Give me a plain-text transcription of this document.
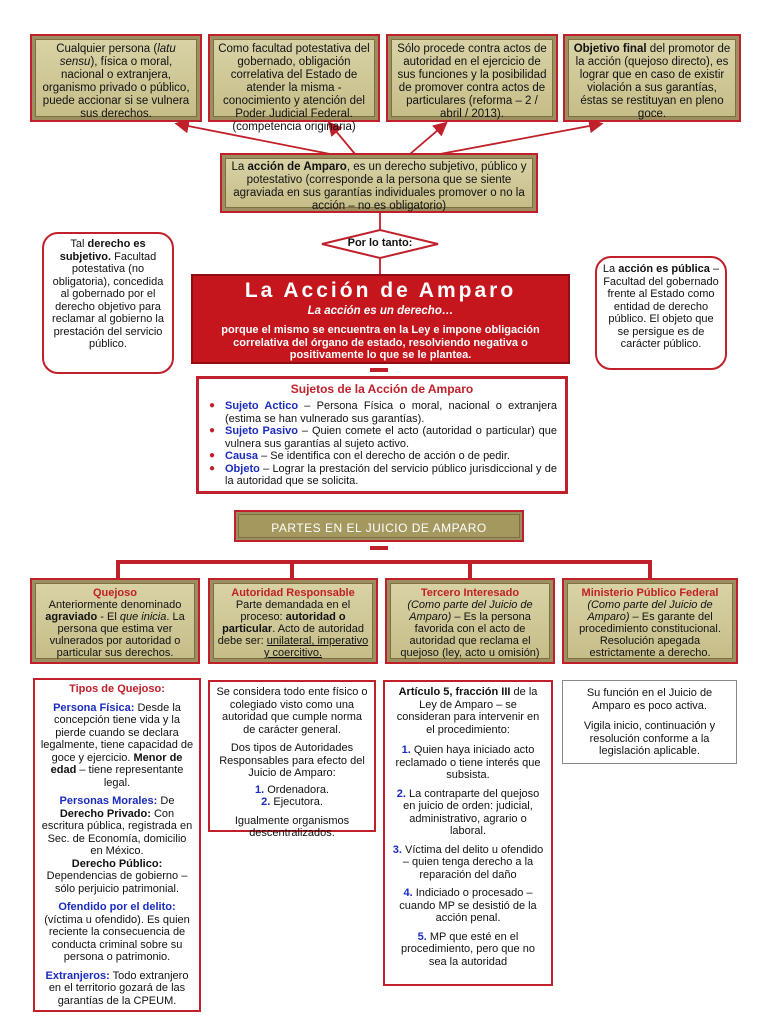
Cualquier persona (latu sensu), física o moral, nacional o extranjera, organismo privado o público, puede accionar si se vulnera sus derechos.
Como facultad potestativa del gobernado, obligación correlativa del Estado de atender la misma - conocimiento y atención del Poder Judicial Federal. (competencia originaria)
Sólo procede contra actos de autoridad en el ejercicio de sus funciones y la posibilidad de promover contra actos de particulares (reforma – 2 / abril / 2013).
Objetivo final del promotor de la acción (quejoso directo), es lograr que en caso de existir violación a sus garantías, éstas se restituyan en pleno goce.
La acción de Amparo, es un derecho subjetivo, público y potestativo (corresponde a la persona que se siente agraviada en sus garantías individuales promover o no la acción – no es obligatorio)
Por lo tanto:
Tal derecho es subjetivo. Facultad potestativa (no obligatoria), concedida al gobernado por el derecho objetivo para reclamar al gobierno la prestación del servicio público.
La acción es pública – Facultad del gobernado frente al Estado como entidad de derecho público. El objeto que se persigue es de carácter público.
La Acción de Amparo
La acción es un derecho…
porque el mismo se encuentra en la Ley e impone obligación correlativa del órgano de estado, resolviendo negativa o positivamente lo que se le plantea.
Sujetos de la Acción de Amparo
● Sujeto Actico – Persona Física o moral, nacional o extranjera (estima se han vulnerado sus garantías).
● Sujeto Pasivo – Quien comete el acto (autoridad o particular) que vulnera sus garantías al sujeto activo.
● Causa – Se identifica con el derecho de acción o de pedir.
● Objeto – Lograr la prestación del servicio público jurisdiccional y de la autoridad que se solicita.
PARTES EN EL JUICIO DE AMPARO
Quejoso
Anteriormente denominado agraviado - El que inicia. La persona que estima ver vulnerados por autoridad o particular sus derechos.
Autoridad Responsable
Parte demandada en el proceso: autoridad o particular. Acto de autoridad debe ser: unilateral, imperativo y coercitivo.
Tercero Interesado
(Como parte del Juicio de Amparo) – Es la persona favorida con el acto de autoridad que reclama el quejoso (ley, acto u omisión)
Ministerio Público Federal
(Como parte del Juicio de Amparo) – Es garante del procedimiento constitucional. Resolución apegada estrictamente a derecho.
Tipos de Quejoso:
Persona Física: Desde la concepción tiene vida y la pierde cuando se declara legalmente, tiene capacidad de goce y ejercicio. Menor de edad – tiene representante legal.
Personas Morales: De Derecho Privado: Con escritura pública, registrada en Sec. de Economía, domicilio en México.
Derecho Público: Dependencias de gobierno – sólo perjuicio patrimonial.
Ofendido por el delito: (víctima u ofendido). Es quien reciente la consecuencia de conducta criminal sobre su persona o patrimonio.
Extranjeros: Todo extranjero en el territorio gozará de las garantías de la CPEUM.
Se considera todo ente físico o colegiado visto como una autoridad que cumple norma de carácter general.
Dos tipos de Autoridades Responsables para efecto del Juicio de Amparo:
1. Ordenadora.
2. Ejecutora.
Igualmente organismos descentralizados.
Artículo 5, fracción III de la Ley de Amparo – se consideran para intervenir en el procedimiento:
1. Quien haya iniciado acto reclamado o tiene interés que subsista.
2. La contraparte del quejoso en juicio de orden: judicial, administrativo, agrario o laboral.
3. Víctima del delito u ofendido – quien tenga derecho a la reparación del daño
4. Indiciado o procesado – cuando MP se desistió de la acción penal.
5. MP que esté en el procedimiento, pero que no sea la autoridad
Su función en el Juicio de Amparo es poco activa.
Vigila inicio, continuación y resolución conforme a la legislación aplicable.
